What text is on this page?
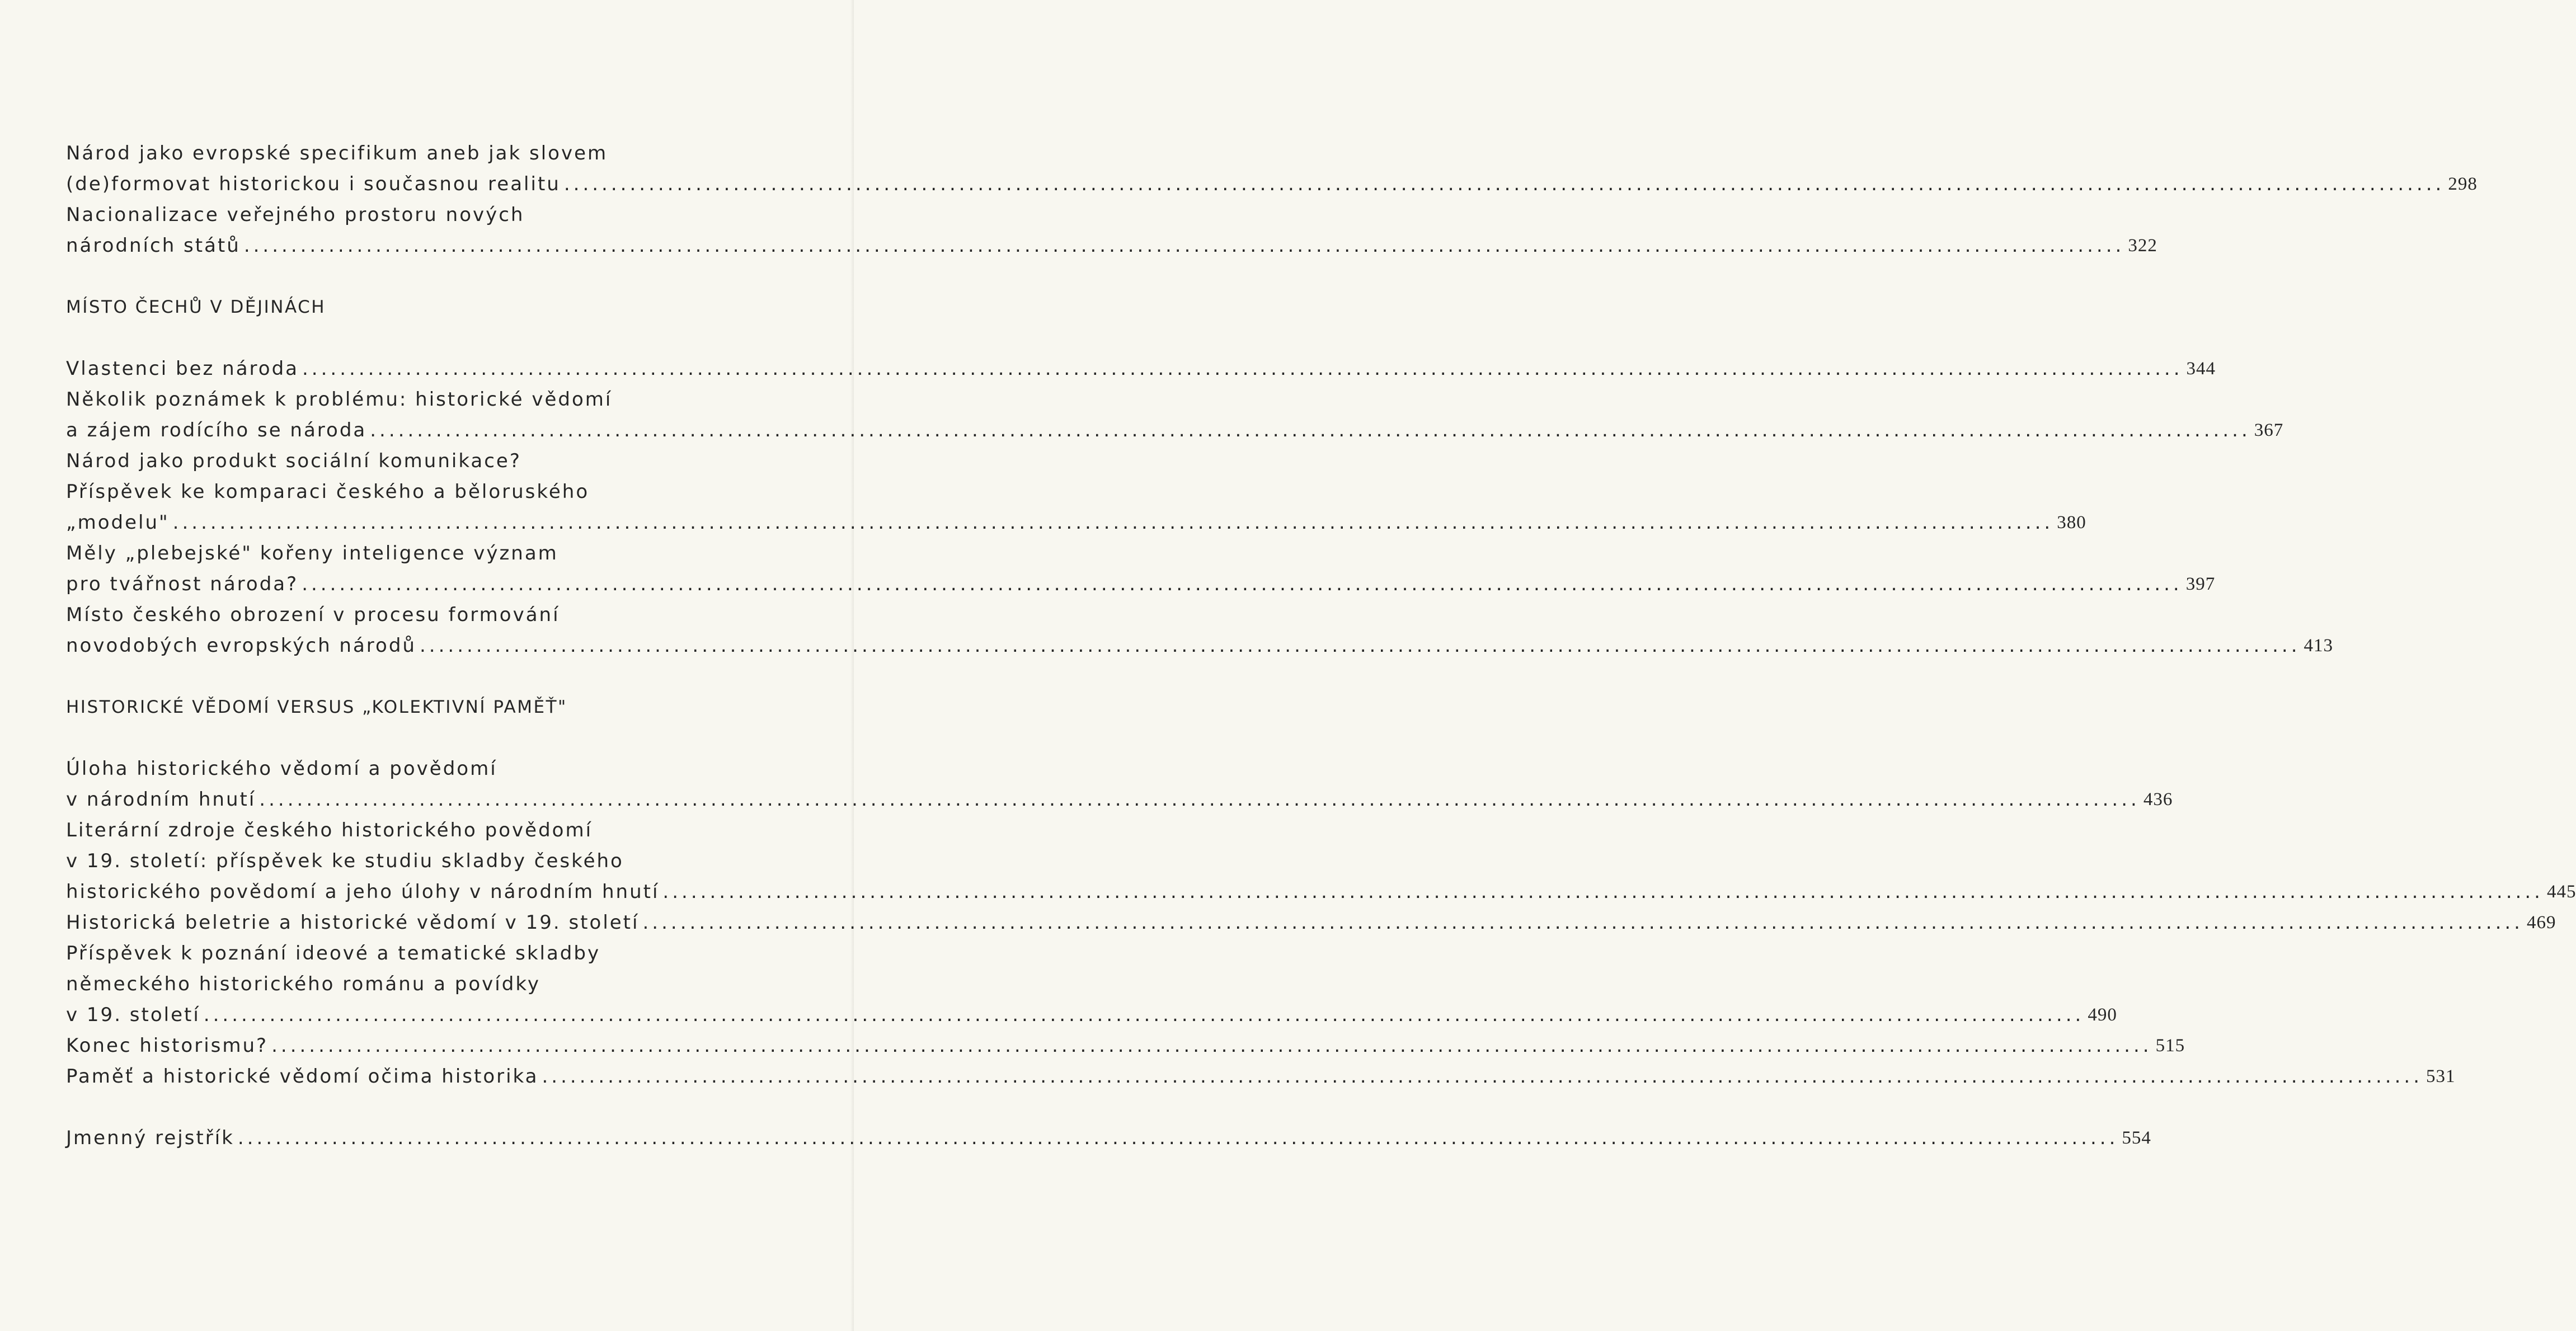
Národ jako evropské specifikum aneb jak slovem
(de)formovat historickou i současnou realitu ........................................................................................................................................................................................................ 298
Nacionalizace veřejného prostoru nových
národních států ........................................................................................................................................................................................................ 322
MÍSTO ČECHŮ V DĚJINÁCH
Vlastenci bez národa ........................................................................................................................................................................................................ 344
Několik poznámek k problému: historické vědomí
a zájem rodícího se národa ........................................................................................................................................................................................................ 367
Národ jako produkt sociální komunikace?
Příspěvek ke komparaci českého a běloruského
„modelu" ........................................................................................................................................................................................................ 380
Měly „plebejské" kořeny inteligence význam
pro tvářnost národa? ........................................................................................................................................................................................................ 397
Místo českého obrození v procesu formování
novodobých evropských národů ........................................................................................................................................................................................................ 413
HISTORICKÉ VĚDOMÍ VERSUS „KOLEKTIVNÍ PAMĚŤ"
Úloha historického vědomí a povědomí
v národním hnutí ........................................................................................................................................................................................................ 436
Literární zdroje českého historického povědomí
v 19. století: příspěvek ke studiu skladby českého
historického povědomí a jeho úlohy v národním hnutí ........................................................................................................................................................................................................ 445
Historická beletrie a historické vědomí v 19. století ........................................................................................................................................................................................................ 469
Příspěvek k poznání ideové a tematické skladby
německého historického románu a povídky
v 19. století ........................................................................................................................................................................................................ 490
Konec historismu? ........................................................................................................................................................................................................ 515
Paměť a historické vědomí očima historika ........................................................................................................................................................................................................ 531
Jmenný rejstřík ........................................................................................................................................................................................................ 554
